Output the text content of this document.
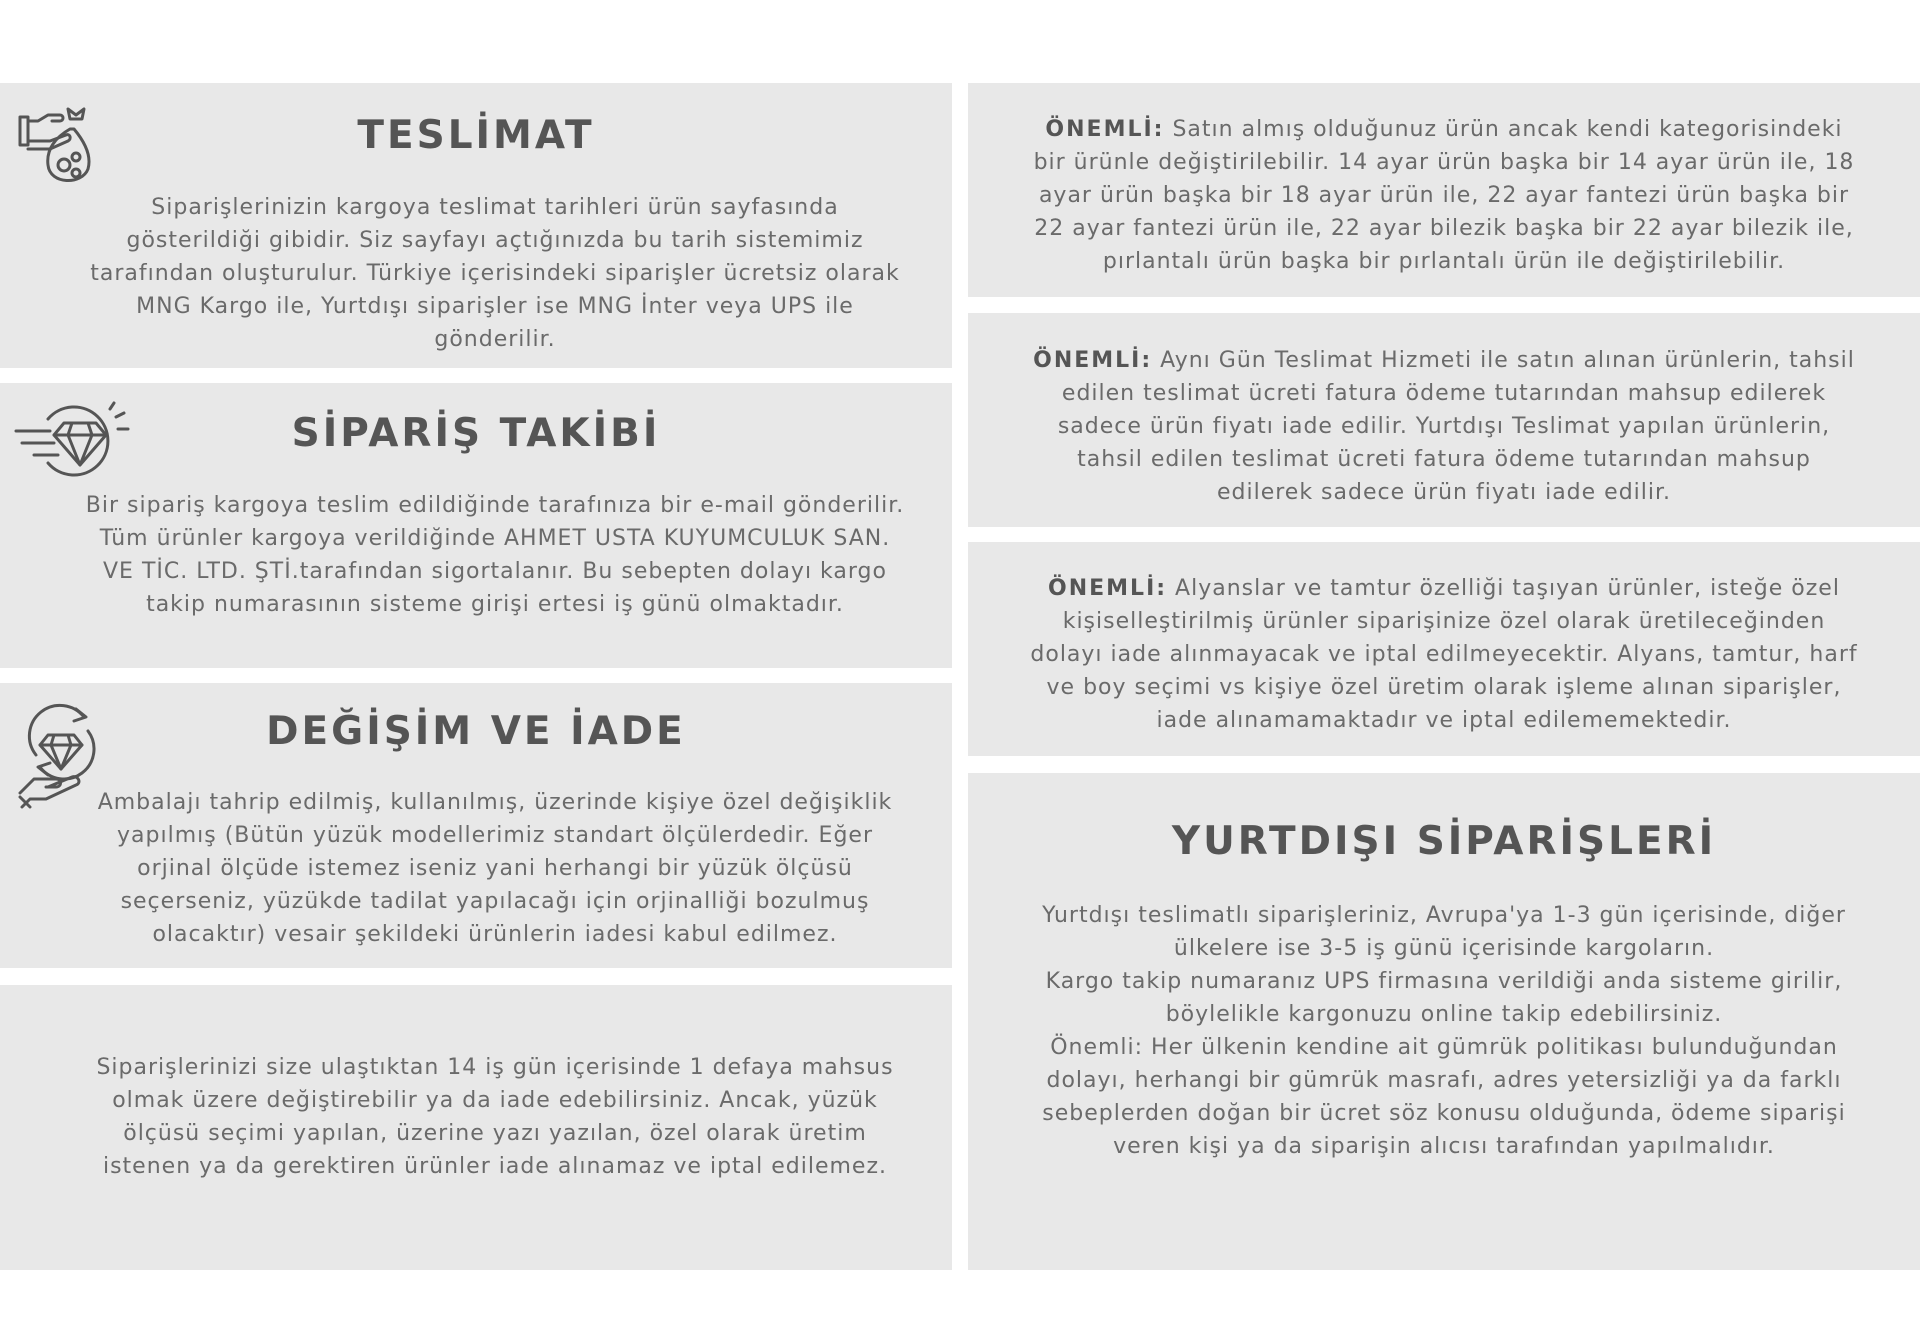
TESLİMAT

Siparişlerinizin kargoya teslimat tarihleri ürün sayfasında gösterildiği gibidir. Siz sayfayı açtığınızda bu tarih sistemimiz tarafından oluşturulur. Türkiye içerisindeki siparişler ücretsiz olarak MNG Kargo ile, Yurtdışı siparişler ise MNG İnter veya UPS ile gönderilir.

SİPARİŞ TAKİBİ

Bir sipariş kargoya teslim edildiğinde tarafınıza bir e-mail gönderilir. Tüm ürünler kargoya verildiğinde AHMET USTA KUYUMCULUK SAN. VE TİC. LTD. ŞTİ.tarafından sigortalanır. Bu sebepten dolayı kargo takip numarasının sisteme girişi ertesi iş günü olmaktadır.

DEĞİŞİM VE İADE

Ambalajı tahrip edilmiş, kullanılmış, üzerinde kişiye özel değişiklik yapılmış (Bütün yüzük modellerimiz standart ölçülerdedir. Eğer orjinal ölçüde istemez iseniz yani herhangi bir yüzük ölçüsü seçerseniz, yüzükde tadilat yapılacağı için orjinalliği bozulmuş olacaktır) vesair şekildeki ürünlerin iadesi kabul edilmez.

Siparişlerinizi size ulaştıktan 14 iş gün içerisinde 1 defaya mahsus olmak üzere değiştirebilir ya da iade edebilirsiniz. Ancak, yüzük ölçüsü seçimi yapılan, üzerine yazı yazılan, özel olarak üretim istenen ya da gerektiren ürünler iade alınamaz ve iptal edilemez.

ÖNEMLİ: Satın almış olduğunuz ürün ancak kendi kategorisindeki bir ürünle değiştirilebilir. 14 ayar ürün başka bir 14 ayar ürün ile, 18 ayar ürün başka bir 18 ayar ürün ile, 22 ayar fantezi ürün başka bir 22 ayar fantezi ürün ile, 22 ayar bilezik başka bir 22 ayar bilezik ile, pırlantalı ürün başka bir pırlantalı ürün ile değiştirilebilir.

ÖNEMLİ: Aynı Gün Teslimat Hizmeti ile satın alınan ürünlerin, tahsil edilen teslimat ücreti fatura ödeme tutarından mahsup edilerek sadece ürün fiyatı iade edilir. Yurtdışı Teslimat yapılan ürünlerin, tahsil edilen teslimat ücreti fatura ödeme tutarından mahsup edilerek sadece ürün fiyatı iade edilir.

ÖNEMLİ: Alyanslar ve tamtur özelliği taşıyan ürünler, isteğe özel kişiselleştirilmiş ürünler siparişinize özel olarak üretileceğinden dolayı iade alınmayacak ve iptal edilmeyecektir. Alyans, tamtur, harf ve boy seçimi vs kişiye özel üretim olarak işleme alınan siparişler, iade alınamamaktadır ve iptal edilememektedir.

YURTDIŞI SİPARİŞLERİ
Yurtdışı teslimatlı siparişleriniz, Avrupa'ya 1-3 gün içerisinde, diğer ülkelere ise 3-5 iş günü içerisinde kargoların.
Kargo takip numaranız UPS firmasına verildiği anda sisteme girilir, böylelikle kargonuzu online takip edebilirsiniz.
Önemli: Her ülkenin kendine ait gümrük politikası bulunduğundan dolayı, herhangi bir gümrük masrafı, adres yetersizliği ya da farklı sebeplerden doğan bir ücret söz konusu olduğunda, ödeme siparişi veren kişi ya da siparişin alıcısı tarafından yapılmalıdır.
